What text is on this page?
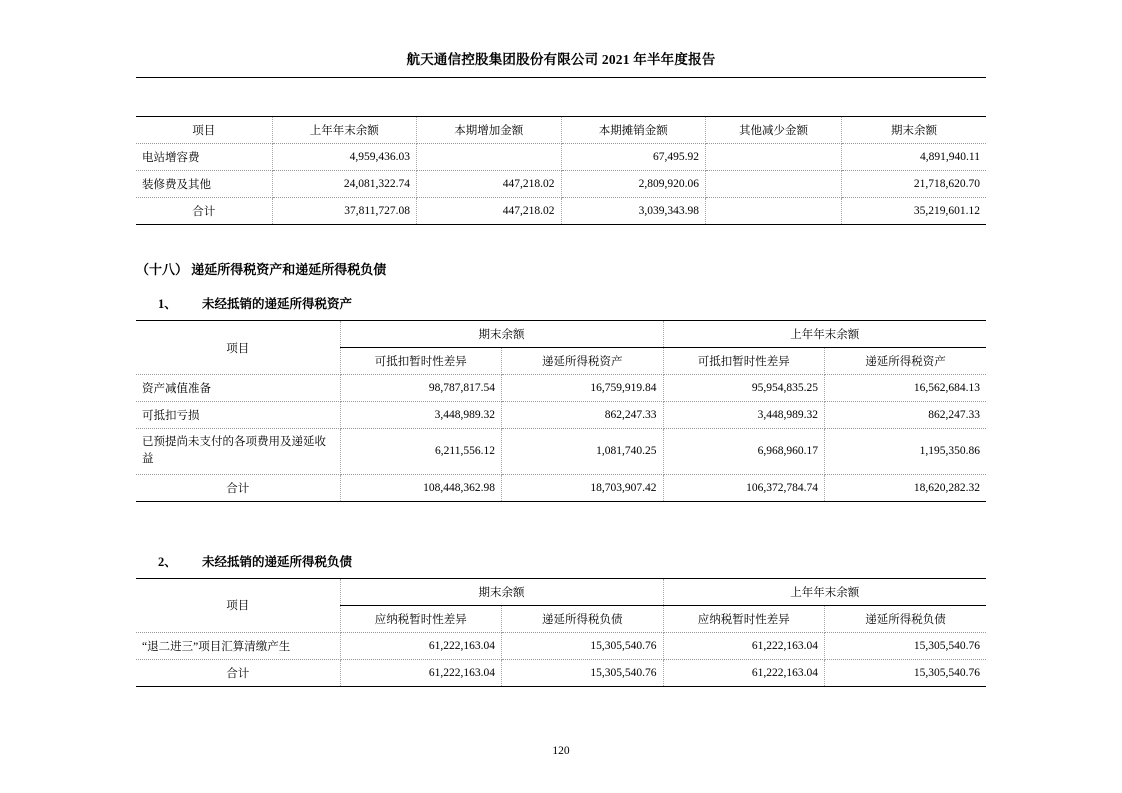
航天通信控股集团股份有限公司 2021 年半年度报告
项目	上年年末余额	本期增加金额	本期摊销金额	其他减少金额	期末余额
电站增容费	4,959,436.03		67,495.92		4,891,940.11
装修费及其他	24,081,322.74	447,218.02	2,809,920.06		21,718,620.70
合计	37,811,727.08	447,218.02	3,039,343.98		35,219,601.12
（十八） 递延所得税资产和递延所得税负债
1、 未经抵销的递延所得税资产
项目	期末余额		上年年末余额	
	可抵扣暂时性差异	递延所得税资产	可抵扣暂时性差异	递延所得税资产
资产减值准备	98,787,817.54	16,759,919.84	95,954,835.25	16,562,684.13
可抵扣亏损	3,448,989.32	862,247.33	3,448,989.32	862,247.33
已预提尚未支付的各项费用及递延收益	6,211,556.12	1,081,740.25	6,968,960.17	1,195,350.86
合计	108,448,362.98	18,703,907.42	106,372,784.74	18,620,282.32
2、 未经抵销的递延所得税负债
项目	期末余额		上年年末余额	
	应纳税暂时性差异	递延所得税负债	应纳税暂时性差异	递延所得税负债
“退二进三”项目汇算清缴产生	61,222,163.04	15,305,540.76	61,222,163.04	15,305,540.76
合计	61,222,163.04	15,305,540.76	61,222,163.04	15,305,540.76
120
